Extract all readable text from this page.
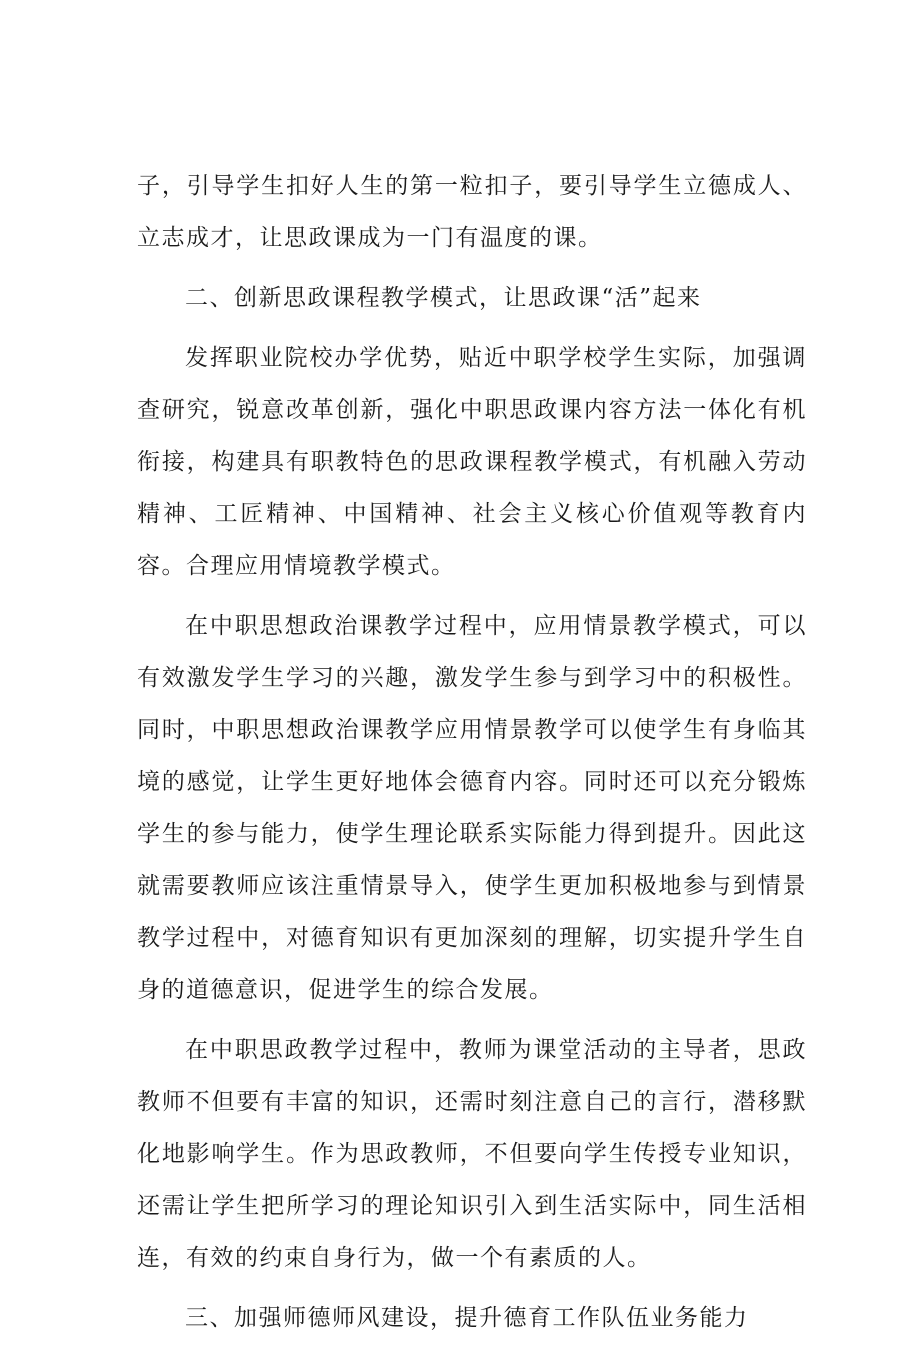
子，引导学生扣好人生的第一粒扣子，要引导学生立德成人、立志成才，让思政课成为一门有温度的课。

二、创新思政课程教学模式，让思政课“活”起来

发挥职业院校办学优势，贴近中职学校学生实际，加强调查研究，锐意改革创新，强化中职思政课内容方法一体化有机衔接，构建具有职教特色的思政课程教学模式，有机融入劳动精神、工匠精神、中国精神、社会主义核心价值观等教育内容。合理应用情境教学模式。

在中职思想政治课教学过程中，应用情景教学模式，可以有效激发学生学习的兴趣，激发学生参与到学习中的积极性。同时，中职思想政治课教学应用情景教学可以使学生有身临其境的感觉，让学生更好地体会德育内容。同时还可以充分锻炼学生的参与能力，使学生理论联系实际能力得到提升。因此这就需要教师应该注重情景导入，使学生更加积极地参与到情景教学过程中，对德育知识有更加深刻的理解，切实提升学生自身的道德意识，促进学生的综合发展。

在中职思政教学过程中，教师为课堂活动的主导者，思政教师不但要有丰富的知识，还需时刻注意自己的言行，潜移默化地影响学生。作为思政教师，不但要向学生传授专业知识，还需让学生把所学习的理论知识引入到生活实际中，同生活相连，有效的约束自身行为，做一个有素质的人。

三、加强师德师风建设，提升德育工作队伍业务能力
